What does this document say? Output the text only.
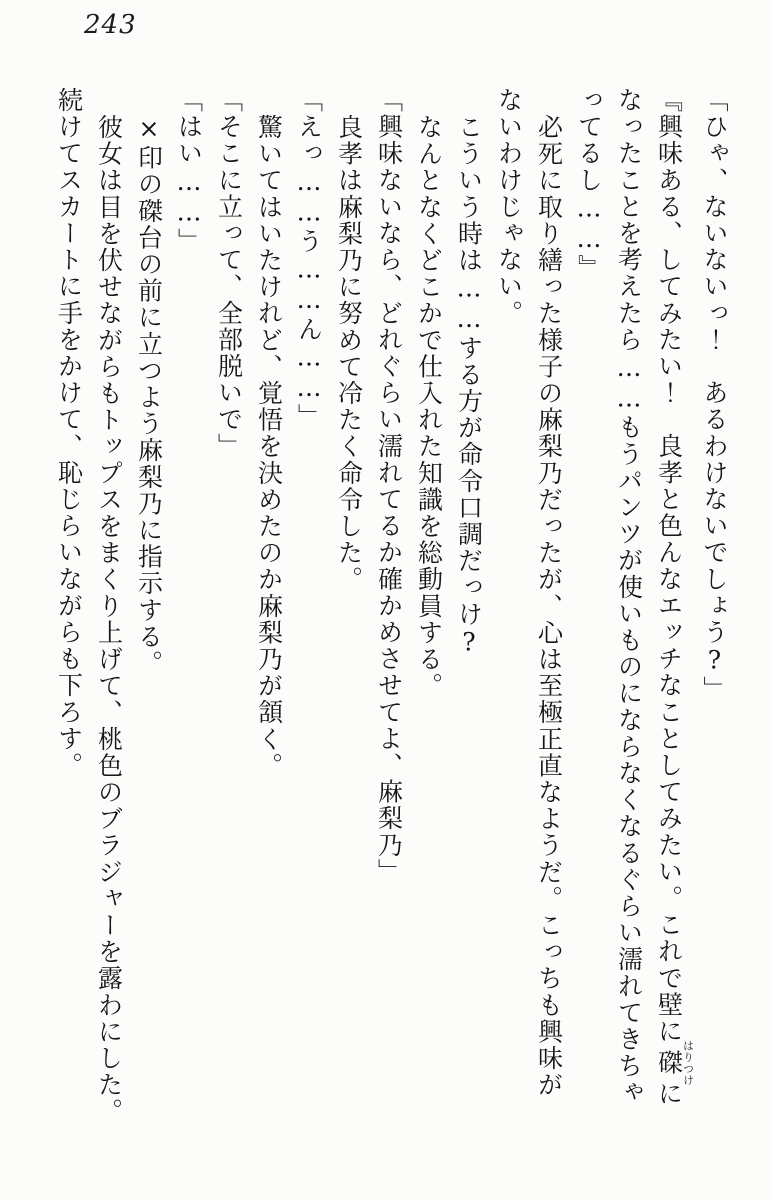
243

「ひゃ、ないないっ！　あるわけないでしょう?」

『興味ある、してみたい！　良孝と色んなエッチなことしてみたい。これで壁に磔はりつけに

なったことを考えたら……もうパンツが使いものにならなくなるぐらい濡れてきちゃ

ってるし……』

必死に取り繕った様子の麻梨乃だったが、心は至極正直なようだ。こっちも興味が

ないわけじゃない。

こういう時は……する方が命令口調だっけ?

なんとなくどこかで仕入れた知識を総動員する。

「興味ないなら、どれぐらい濡れてるか確かめさせてよ、麻梨乃」

良孝は麻梨乃に努めて冷たく命令した。

「えっ……う……ん……」

驚いてはいたけれど、覚悟を決めたのか麻梨乃が頷く。

「そこに立って、全部脱いで」

「はい……」

×印の磔台の前に立つよう麻梨乃に指示する。

彼女は目を伏せながらもトップスをまくり上げて、桃色のブラジャーを露わにした。

続けてスカートに手をかけて、恥じらいながらも下ろす。
